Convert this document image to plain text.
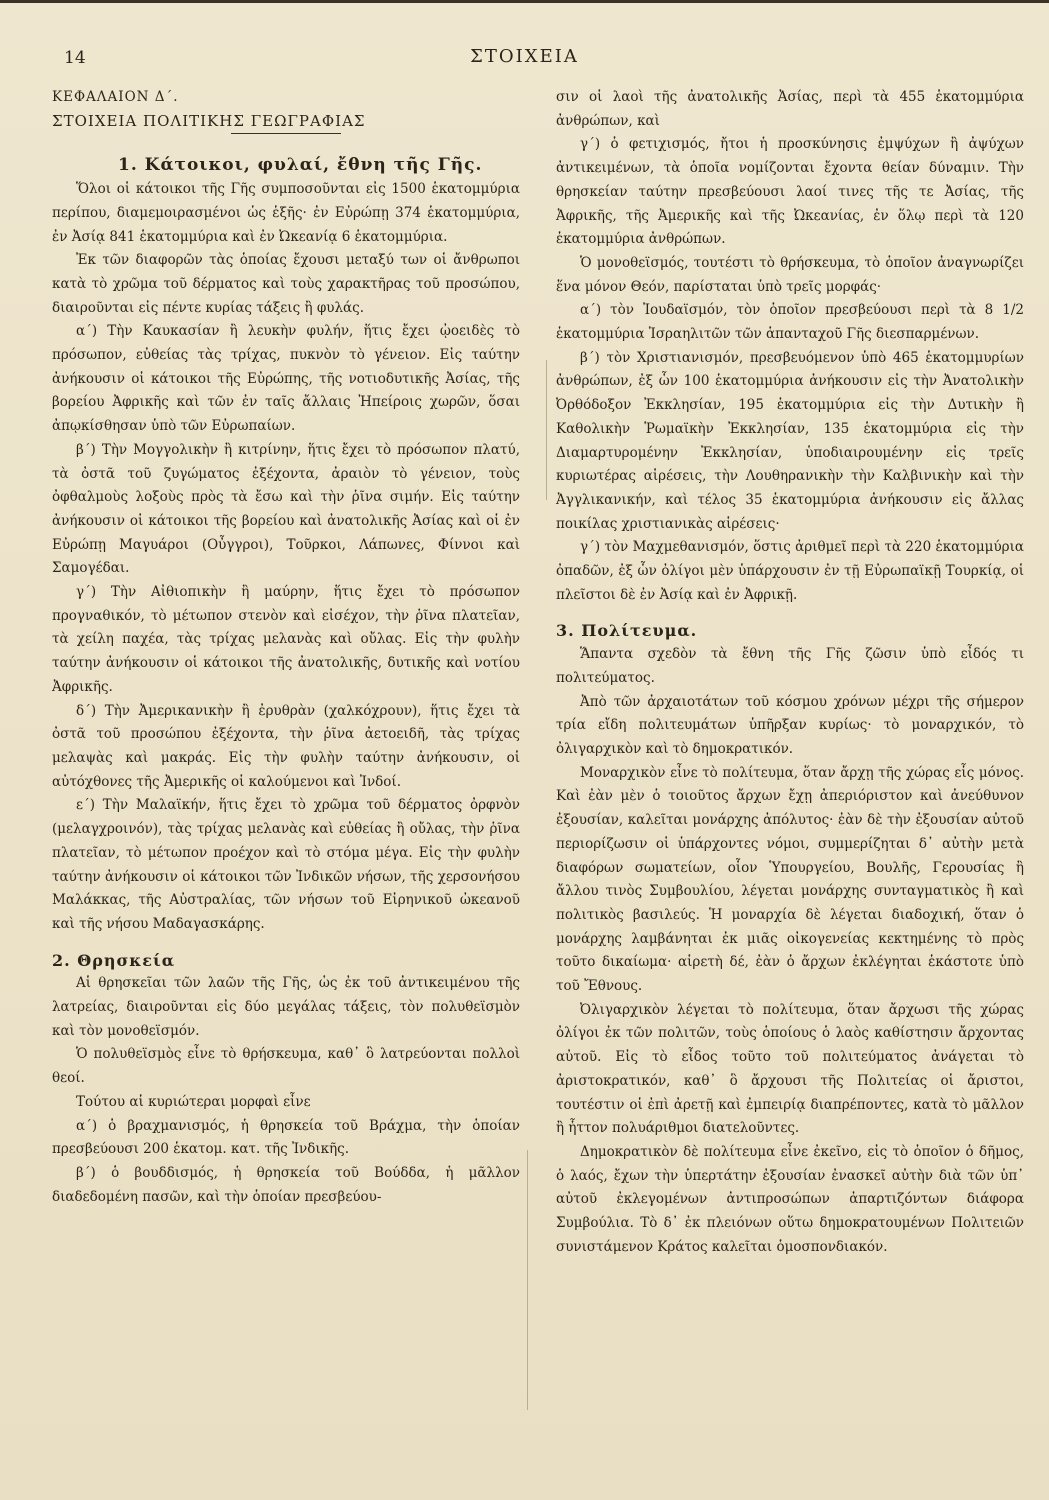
14	ΣΤΟΙΧΕΙΑ

ΚΕΦΑΛΑΙΟΝ Δ΄.

ΣΤΟΙΧΕΙΑ ΠΟΛΙΤΙΚΗΣ ΓΕΩΓΡΑΦΙΑΣ

1. Κάτοικοι, φυλαί, ἔθνη τῆς Γῆς.

Ὅλοι οἱ κάτοικοι τῆς Γῆς συμποσοῦνται εἰς 1500 ἑκατομμύρια περίπου, διαμεμοιρασμένοι ὡς ἑξῆς· ἐν Εὐρώπῃ 374 ἑκατομμύρια, ἐν Ἀσίᾳ 841 ἑκατομμύρια καὶ ἐν Ὠκεανίᾳ 6 ἑκατομμύρια.

Ἐκ τῶν διαφορῶν τὰς ὁποίας ἔχουσι μεταξύ των οἱ ἄνθρωποι κατὰ τὸ χρῶμα τοῦ δέρματος καὶ τοὺς χαρακτῆρας τοῦ προσώπου, διαιροῦνται εἰς πέντε κυρίας τάξεις ἢ φυλάς.

α΄) Τὴν Καυκασίαν ἢ λευκὴν φυλήν, ἥτις ἔχει ᾠοειδὲς τὸ πρόσωπον, εὐθείας τὰς τρίχας, πυκνὸν τὸ γένειον. Εἰς ταύτην ἀνήκουσιν οἱ κάτοικοι τῆς Εὐρώπης, τῆς νοτιοδυτικῆς Ἀσίας, τῆς βορείου Ἀφρικῆς καὶ τῶν ἐν ταῖς ἄλλαις Ἠπείροις χωρῶν, ὅσαι ἀπῳκίσθησαν ὑπὸ τῶν Εὐρωπαίων.

β΄) Τὴν Μογγολικὴν ἢ κιτρίνην, ἥτις ἔχει τὸ πρόσωπον πλατύ, τὰ ὀστᾶ τοῦ ζυγώματος ἐξέχοντα, ἀραιὸν τὸ γένειον, τοὺς ὀφθαλμοὺς λοξοὺς πρὸς τὰ ἔσω καὶ τὴν ῥῖνα σιμήν. Εἰς ταύτην ἀνήκουσιν οἱ κάτοικοι τῆς βορείου καὶ ἀνατολικῆς Ἀσίας καὶ οἱ ἐν Εὐρώπῃ Μαγυάροι (Οὖγγροι), Τοῦρκοι, Λάπωνες, Φίννοι καὶ Σαμογέδαι.

γ΄) Τὴν Αἰθιοπικὴν ἢ μαύρην, ἥτις ἔχει τὸ πρόσωπον προγναθικόν, τὸ μέτωπον στενὸν καὶ εἰσέχον, τὴν ῥῖνα πλατεῖαν, τὰ χείλη παχέα, τὰς τρίχας μελανὰς καὶ οὔλας. Εἰς τὴν φυλὴν ταύτην ἀνήκουσιν οἱ κάτοικοι τῆς ἀνατολικῆς, δυτικῆς καὶ νοτίου Ἀφρικῆς.

δ΄) Τὴν Ἀμερικανικὴν ἢ ἐρυθρὰν (χαλκόχρουν), ἥτις ἔχει τὰ ὀστᾶ τοῦ προσώπου ἐξέχοντα, τὴν ῥῖνα ἀετοειδῆ, τὰς τρίχας μελαψὰς καὶ μακράς. Εἰς τὴν φυλὴν ταύτην ἀνήκουσιν, οἱ αὐτόχθονες τῆς Ἀμερικῆς οἱ καλούμενοι καὶ Ἰνδοί.

ε΄) Τὴν Μαλαϊκήν, ἥτις ἔχει τὸ χρῶμα τοῦ δέρματος ὀρφνὸν (μελαγχροινόν), τὰς τρίχας μελανὰς καὶ εὐθείας ἢ οὔλας, τὴν ῥῖνα πλατεῖαν, τὸ μέτωπον προέχον καὶ τὸ στόμα μέγα. Εἰς τὴν φυλὴν ταύτην ἀνήκουσιν οἱ κάτοικοι τῶν Ἰνδικῶν νήσων, τῆς χερσονήσου Μαλάκκας, τῆς Αὐστραλίας, τῶν νήσων τοῦ Εἰρηνικοῦ ὠκεανοῦ καὶ τῆς νήσου Μαδαγασκάρης.

2. Θρησκεία

Αἱ θρησκεῖαι τῶν λαῶν τῆς Γῆς, ὡς ἐκ τοῦ ἀντικειμένου τῆς λατρείας, διαιροῦνται εἰς δύο μεγάλας τάξεις, τὸν πολυθεϊσμὸν καὶ τὸν μονοθεϊσμόν.

Ὁ πολυθεϊσμὸς εἶνε τὸ θρήσκευμα, καθ᾽ ὃ λατρεύονται πολλοὶ θεοί.

Τούτου αἱ κυριώτεραι μορφαὶ εἶνε

α΄) ὁ βραχμανισμός, ἡ θρησκεία τοῦ Βράχμα, τὴν ὁποίαν πρεσβεύουσι 200 ἑκατομ. κατ. τῆς Ἰνδικῆς.

β΄) ὁ βουδδισμός, ἡ θρησκεία τοῦ Βούδδα, ἡ μᾶλλον διαδεδομένη πασῶν, καὶ τὴν ὁποίαν πρεσβεύου-

σιν οἱ λαοὶ τῆς ἀνατολικῆς Ἀσίας, περὶ τὰ 455 ἑκατομμύρια ἀνθρώπων, καὶ

γ΄) ὁ φετιχισμός, ἤτοι ἡ προσκύνησις ἐμψύχων ἢ ἀψύχων ἀντικειμένων, τὰ ὁποῖα νομίζονται ἔχοντα θείαν δύναμιν. Τὴν θρησκείαν ταύτην πρεσβεύουσι λαοί τινες τῆς τε Ἀσίας, τῆς Ἀφρικῆς, τῆς Ἀμερικῆς καὶ τῆς Ὠκεανίας, ἐν ὅλῳ περὶ τὰ 120 ἑκατομμύρια ἀνθρώπων.

Ὁ μονοθεϊσμός, τουτέστι τὸ θρήσκευμα, τὸ ὁποῖον ἀναγνωρίζει ἕνα μόνον Θεόν, παρίσταται ὑπὸ τρεῖς μορφάς·

α΄) τὸν Ἰουδαϊσμόν, τὸν ὁποῖον πρεσβεύουσι περὶ τὰ 8 1/2 ἑκατομμύρια Ἰσραηλιτῶν τῶν ἁπανταχοῦ Γῆς διεσπαρμένων.

β΄) τὸν Χριστιανισμόν, πρεσβευόμενον ὑπὸ 465 ἑκατομμυρίων ἀνθρώπων, ἐξ ὧν 100 ἑκατομμύρια ἀνήκουσιν εἰς τὴν Ἀνατολικὴν Ὀρθόδοξον Ἐκκλησίαν, 195 ἑκατομμύρια εἰς τὴν Δυτικὴν ἢ Καθολικὴν Ῥωμαϊκὴν Ἐκκλησίαν, 135 ἑκατομμύρια εἰς τὴν Διαμαρτυρομένην Ἐκκλησίαν, ὑποδιαιρουμένην εἰς τρεῖς κυριωτέρας αἱρέσεις, τὴν Λουθηρανικὴν τὴν Καλβινικὴν καὶ τὴν Ἀγγλικανικήν, καὶ τέλος 35 ἑκατομμύρια ἀνήκουσιν εἰς ἄλλας ποικίλας χριστιανικὰς αἱρέσεις·

γ΄) τὸν Μαχμεθανισμόν, ὅστις ἀριθμεῖ περὶ τὰ 220 ἑκατομμύρια ὀπαδῶν, ἐξ ὧν ὀλίγοι μὲν ὑπάρχουσιν ἐν τῇ Εὐρωπαϊκῇ Τουρκίᾳ, οἱ πλεῖστοι δὲ ἐν Ἀσίᾳ καὶ ἐν Ἀφρικῇ.

3. Πολίτευμα.

Ἅπαντα σχεδὸν τὰ ἔθνη τῆς Γῆς ζῶσιν ὑπὸ εἶδός τι πολιτεύματος.

Ἀπὸ τῶν ἀρχαιοτάτων τοῦ κόσμου χρόνων μέχρι τῆς σήμερον τρία εἴδη πολιτευμάτων ὑπῆρξαν κυρίως· τὸ μοναρχικόν, τὸ ὀλιγαρχικὸν καὶ τὸ δημοκρατικόν.

Μοναρχικὸν εἶνε τὸ πολίτευμα, ὅταν ἄρχῃ τῆς χώρας εἷς μόνος. Καὶ ἐὰν μὲν ὁ τοιοῦτος ἄρχων ἔχῃ ἀπεριόριστον καὶ ἀνεύθυνον ἐξουσίαν, καλεῖται μονάρχης ἀπόλυτος· ἐὰν δὲ τὴν ἐξουσίαν αὐτοῦ περιορίζωσιν οἱ ὑπάρχοντες νόμοι, συμμερίζηται δ᾽ αὐτὴν μετὰ διαφόρων σωματείων, οἷον Ὑπουργείου, Βουλῆς, Γερουσίας ἢ ἄλλου τινὸς Συμβουλίου, λέγεται μονάρχης συνταγματικὸς ἢ καὶ πολιτικὸς βασιλεύς. Ἡ μοναρχία δὲ λέγεται διαδοχική, ὅταν ὁ μονάρχης λαμβάνηται ἐκ μιᾶς οἰκογενείας κεκτημένης τὸ πρὸς τοῦτο δικαίωμα· αἱρετὴ δέ, ἐὰν ὁ ἄρχων ἐκλέγηται ἑκάστοτε ὑπὸ τοῦ Ἔθνους.

Ὀλιγαρχικὸν λέγεται τὸ πολίτευμα, ὅταν ἄρχωσι τῆς χώρας ὀλίγοι ἐκ τῶν πολιτῶν, τοὺς ὁποίους ὁ λαὸς καθίστησιν ἄρχοντας αὐτοῦ. Εἰς τὸ εἶδος τοῦτο τοῦ πολιτεύματος ἀνάγεται τὸ ἀριστοκρατικόν, καθ᾽ ὃ ἄρχουσι τῆς Πολιτείας οἱ ἄριστοι, τουτέστιν οἱ ἐπὶ ἀρετῇ καὶ ἐμπειρίᾳ διαπρέποντες, κατὰ τὸ μᾶλλον ἢ ἧττον πολυάριθμοι διατελοῦντες.

Δημοκρατικὸν δὲ πολίτευμα εἶνε ἐκεῖνο, εἰς τὸ ὁποῖον ὁ δῆμος, ὁ λαός, ἔχων τὴν ὑπερτάτην ἐξουσίαν ἐνασκεῖ αὐτὴν διὰ τῶν ὑπ᾽ αὐτοῦ ἐκλεγομένων ἀντιπροσώπων ἀπαρτιζόντων διάφορα Συμβούλια. Τὸ δ᾽ ἐκ πλειόνων οὕτω δημοκρατουμένων Πολιτειῶν συνιστάμενον Κράτος καλεῖται ὁμοσπονδιακόν.
